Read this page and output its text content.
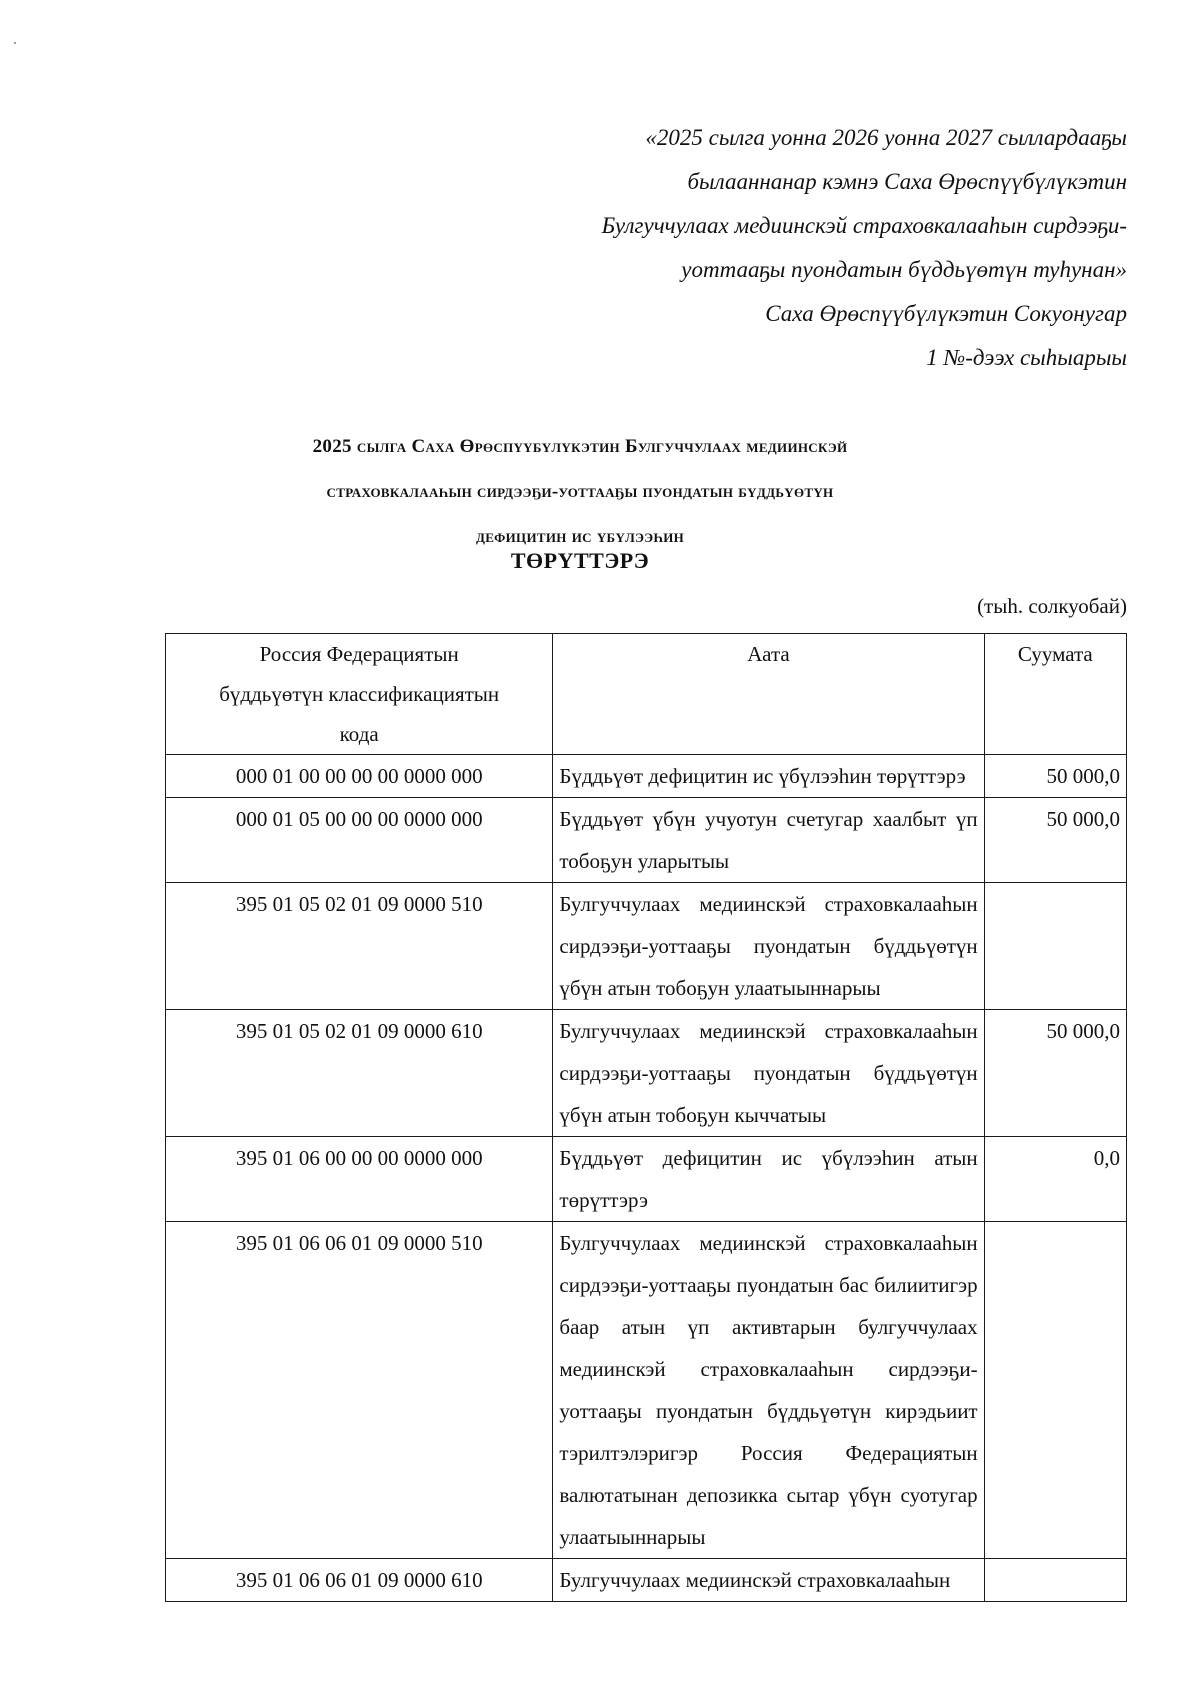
«2025 сылга уонна 2026 уонна 2027 сыллардааҕы
былааннанар кэмнэ Саха Өрөспүүбүлүкэтин
Булгуччулаах медиинскэй страховкалааһын сирдээҕи-
уоттааҕы пуондатын бүддьүөтүн туһунан»
Саха Өрөспүүбүлүкэтин Сокуонугар
1 №-дээх сыһыарыы
2025 сылга Саха Өрөспүүбүлүкэтин Булгуччулаах медиинскэй
страховкалааһын сирдээҕи-уоттааҕы пуондатын бүддьүөтүн
дефицитин ис үбүлээһин
ТӨРҮТТЭРЭ
(тыһ. солкуобай)
Россия Федерациятын бүддьүөтүн классификациятын кода	Аата	Суумата
000 01 00 00 00 00 0000 000	Бүддьүөт дефицитин ис үбүлээһин төрүттэрэ	50 000,0
000 01 05 00 00 00 0000 000	Бүддьүөт үбүн учуотун счетугар хаалбыт үп тобоҕун уларытыы	50 000,0
395 01 05 02 01 09 0000 510	Булгуччулаах медиинскэй страховкалааһын сирдээҕи-уоттааҕы пуондатын бүддьүөтүн үбүн атын тобоҕун улаатыыннарыы	
395 01 05 02 01 09 0000 610	Булгуччулаах медиинскэй страховкалааһын сирдээҕи-уоттааҕы пуондатын бүддьүөтүн үбүн атын тобоҕун кыччатыы	50 000,0
395 01 06 00 00 00 0000 000	Бүддьүөт дефицитин ис үбүлээһин атын төрүттэрэ	0,0
395 01 06 06 01 09 0000 510	Булгуччулаах медиинскэй страховкалааһын сирдээҕи-уоттааҕы пуондатын бас билиитигэр баар атын үп активтарын булгуччулаах медиинскэй страховкалааһын сирдээҕи-уоттааҕы пуондатын бүддьүөтүн кирэдьиит тэрилтэлэригэр Россия Федерациятын валютатынан депозикка сытар үбүн суотугар улаатыыннарыы	
395 01 06 06 01 09 0000 610	Булгуччулаах медиинскэй страховкалааһын	
